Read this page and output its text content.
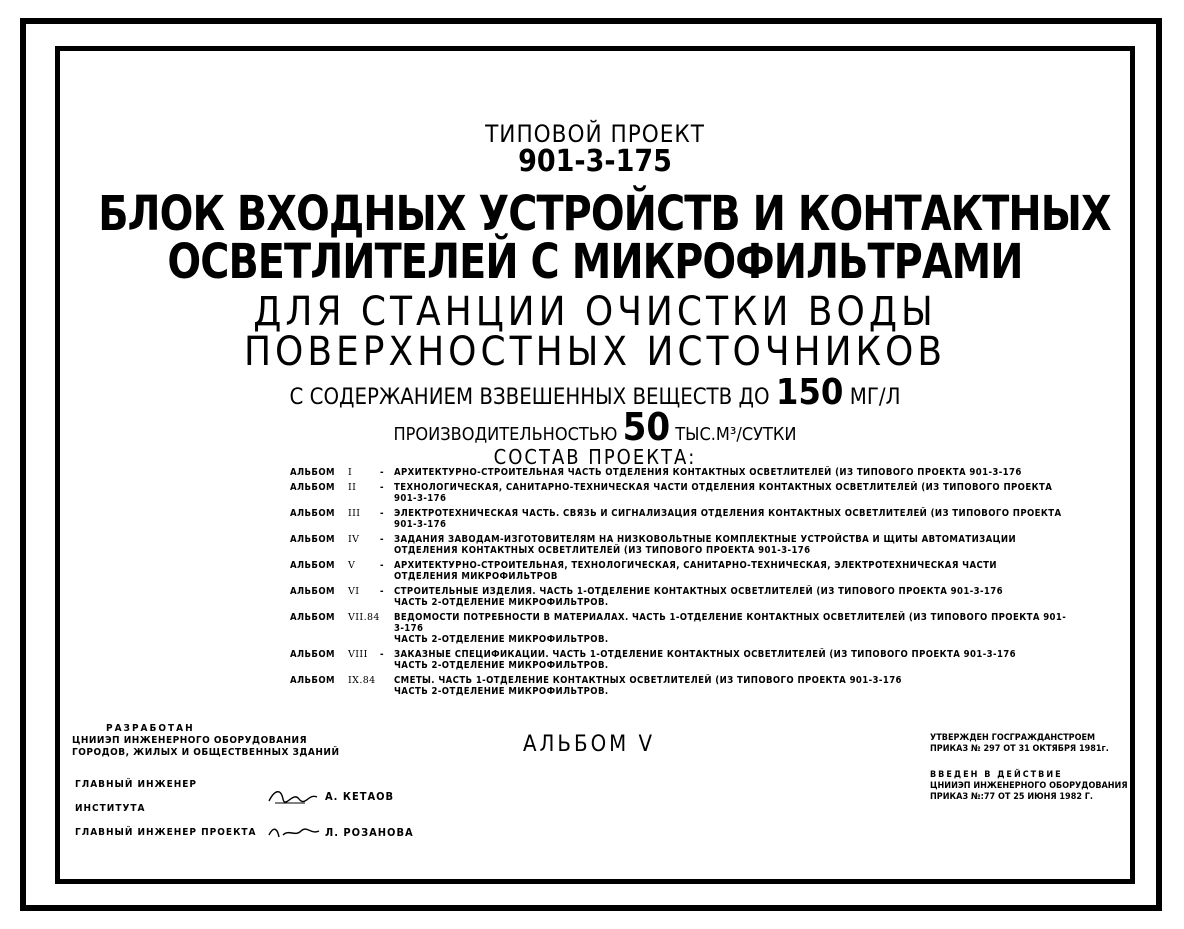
ТИПОВОЙ ПРОЕКТ
901-3-175
БЛОК ВХОДНЫХ УСТРОЙСТВ И КОНТАКТНЫХ
ОСВЕТЛИТЕЛЕЙ С МИКРОФИЛЬТРАМИ
ДЛЯ СТАНЦИИ ОЧИСТКИ ВОДЫ
ПОВЕРХНОСТНЫХ ИСТОЧНИКОВ
С СОДЕРЖАНИЕМ ВЗВЕШЕННЫХ ВЕЩЕСТВ ДО 150 МГ/Л
ПРОИЗВОДИТЕЛЬНОСТЬЮ 50 ТЫС.М³/СУТКИ
СОСТАВ ПРОЕКТА:
АЛЬБОМ	I	-	АРХИТЕКТУРНО-СТРОИТЕЛЬНАЯ ЧАСТЬ ОТДЕЛЕНИЯ КОНТАКТНЫХ ОСВЕТЛИТЕЛЕЙ (ИЗ ТИПОВОГО ПРОЕКТА 901-3-176
АЛЬБОМ	II	-	ТЕХНОЛОГИЧЕСКАЯ, САНИТАРНО-ТЕХНИЧЕСКАЯ ЧАСТИ ОТДЕЛЕНИЯ КОНТАКТНЫХ ОСВЕТЛИТЕЛЕЙ (ИЗ ТИПОВОГО ПРОЕКТА 901-3-176
АЛЬБОМ	III	-	ЭЛЕКТРОТЕХНИЧЕСКАЯ ЧАСТЬ. СВЯЗЬ И СИГНАЛИЗАЦИЯ ОТДЕЛЕНИЯ КОНТАКТНЫХ ОСВЕТЛИТЕЛЕЙ (ИЗ ТИПОВОГО ПРОЕКТА 901-3-176
АЛЬБОМ	IV	-	ЗАДАНИЯ ЗАВОДАМ-ИЗГОТОВИТЕЛЯМ НА НИЗКОВОЛЬТНЫЕ КОМПЛЕКТНЫЕ УСТРОЙСТВА И ЩИТЫ АВТОМАТИЗАЦИИ
ОТДЕЛЕНИЯ КОНТАКТНЫХ ОСВЕТЛИТЕЛЕЙ (ИЗ ТИПОВОГО ПРОЕКТА 901-3-176
АЛЬБОМ	V	-	АРХИТЕКТУРНО-СТРОИТЕЛЬНАЯ, ТЕХНОЛОГИЧЕСКАЯ, САНИТАРНО-ТЕХНИЧЕСКАЯ, ЭЛЕКТРОТЕХНИЧЕСКАЯ ЧАСТИ
ОТДЕЛЕНИЯ МИКРОФИЛЬТРОВ
АЛЬБОМ	VI	-	СТРОИТЕЛЬНЫЕ ИЗДЕЛИЯ. ЧАСТЬ 1-ОТДЕЛЕНИЕ КОНТАКТНЫХ ОСВЕТЛИТЕЛЕЙ (ИЗ ТИПОВОГО ПРОЕКТА 901-3-176
ЧАСТЬ 2-ОТДЕЛЕНИЕ МИКРОФИЛЬТРОВ.
АЛЬБОМ	VII.84 ВЕДОМОСТИ ПОТРЕБНОСТИ В МАТЕРИАЛАХ. ЧАСТЬ 1-ОТДЕЛЕНИЕ КОНТАКТНЫХ ОСВЕТЛИТЕЛЕЙ (ИЗ ТИПОВОГО ПРОЕКТА 901-3-176
ЧАСТЬ 2-ОТДЕЛЕНИЕ МИКРОФИЛЬТРОВ.
АЛЬБОМ	VIII	-	ЗАКАЗНЫЕ СПЕЦИФИКАЦИИ. ЧАСТЬ 1-ОТДЕЛЕНИЕ КОНТАКТНЫХ ОСВЕТЛИТЕЛЕЙ (ИЗ ТИПОВОГО ПРОЕКТА 901-3-176
ЧАСТЬ 2-ОТДЕЛЕНИЕ МИКРОФИЛЬТРОВ.
АЛЬБОМ	IX.84	СМЕТЫ. ЧАСТЬ 1-ОТДЕЛЕНИЕ КОНТАКТНЫХ ОСВЕТЛИТЕЛЕЙ (ИЗ ТИПОВОГО ПРОЕКТА 901-3-176
ЧАСТЬ 2-ОТДЕЛЕНИЕ МИКРОФИЛЬТРОВ.
РАЗРАБОТАН
ЦНИИЭП ИНЖЕНЕРНОГО ОБОРУДОВАНИЯ
ГОРОДОВ, ЖИЛЫХ И ОБЩЕСТВЕННЫХ ЗДАНИЙ
ГЛАВНЫЙ ИНЖЕНЕР ИНСТИТУТА
А. КЕТАОВ
ГЛАВНЫЙ ИНЖЕНЕР ПРОЕКТА	Л. РОЗАНОВА
АЛЬБОМ V	УТВЕРЖДЕН ГОСГРАЖДАНСТРОЕМ
ПРИКАЗ № 297 ОТ 31 ОКТЯБРЯ 1981г.
ВВЕДЕН В ДЕЙСТВИЕ
ЦНИИЭП ИНЖЕНЕРНОГО ОБОРУДОВАНИЯ
ПРИКАЗ №:77 ОТ 25 ИЮНЯ 1982 Г.
